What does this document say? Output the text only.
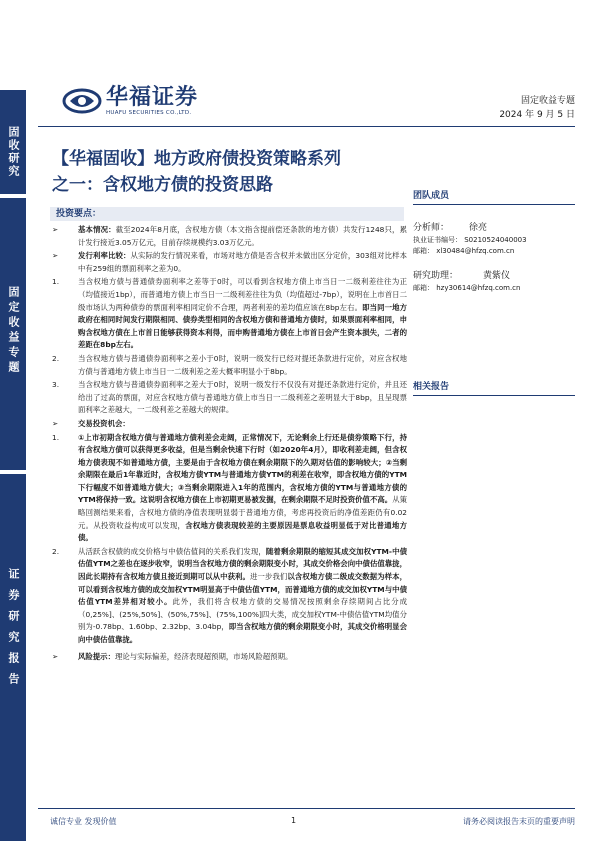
固收研究
固定收益专题
证券研究报告
华福证券
HUAFU SECURITIES CO.,LTD.
固定收益专题
2024 年 9 月 5 日
【华福固收】地方政府债投资策略系列
之一：含权地方债的投资思路
投资要点：
➢	基本情况：截至2024年8月底，含权地方债（本文指含提前偿还条款的地方债）共发行1248只，累计发行接近3.05万亿元，目前存续规模约3.03万亿元。
➢	发行利率比较：从实际的发行情况来看，市场对地方债是否含权并未做出区分定价，303组对比样本中有259组的票面利率之差为0。
1.	当含权地方债与普通债券面利率之差等于0时，可以看到含权地方债上市当日一二级利差往往为正（均值接近1bp），而普通地方债上市当日一二级利差往往为负（均值超过-7bp），说明在上市首日二级市场认为两种债券的票面利率相同定价不合理，两者利差的差均值应该在8bp左右。即当同一地方政府在相同时间发行期限相同、债券类型相同的含权地方债和普通地方债时，如果票面利率相同，申购含权地方债在上市首日能够获得资本利得，而申购普通地方债在上市首日会产生资本损失，二者的差距在8bp左右。
2.	当含权地方债与普通债券面利率之差小于0时，说明一级发行已经对提还条款进行定价，对应含权地方债与普通地方债上市当日一二级利差之差大概率明显小于8bp。
3.	当含权地方债与普通债券面利率之差大于0时，说明一级发行不仅没有对提还条款进行定价，并且还给出了过高的票面，对应含权地方债与普通地方债上市当日一二级利差之差明显大于8bp，且呈现票面利率之差越大，一二级利差之差越大的规律。
➢	交易投资机会：
1.	①上市初期含权地方债与普通地方债利差会走阔，正常情况下，无论剩余上行还是债券策略下行，持有含权地方债可以获得更多收益，但是当剩余快速下行时（如2020年4月），即收利差走阔，但含权地方债表现不如普通地方债，主要是由于含权地方债在剩余期限下的久期对估值的影响较大；②当剩余期限在最后1年靠近时，含权地方债YTM与普通地方债YTM的利差在收窄，即含权地方债的YTM下行幅度不如普通地方债大；③当剩余期限进入1年的范围内，含权地方债的YTM与普通地方债的YTM将保持一致。这说明含权地方债在上市初期更易被发掘，在剩余期限不足时投资价值不高。从策略回测结果来看，含权地方债的净值表现明显弱于普通地方债，考虑再投资后的净值差距仍有0.02元。从投资收益构成可以发现，含权地方债表现较差的主要原因是票息收益明显低于对比普通地方债。
2.	从活跃含权债的成交价格与中债估值间的关系我们发现，随着剩余期限的缩短其成交加权YTM-中债估值YTM之差也在逐步收窄，说明当含权地方债的剩余期限变小时，其成交价格会向中债估值靠拢，因此长期持有含权地方债且接近到期可以从中获利。进一步我们以含权地方债二级成交数据为样本，可以看到含权地方债的成交加权YTM明显高于中债估值YTM，而普通地方债的成交加权YTM与中债估值YTM差异相对较小。此外，我们将含权地方债的交易情况按照剩余存续期间占比分成（0,25%]、(25%,50%]、(50%,75%]、(75%,100%]四大类，成交加权YTM-中债估值YTM均值分别为-0.78bp、1.60bp、2.32bp、3.04bp，即当含权地方债的剩余期限变小时，其成交价格明显会向中债估值靠拢。
➢	风险提示：理论与实际偏差，经济表现超预期，市场风险超预期。
团队成员
分析师： 徐亮
执业证书编号： S0210524040003
邮箱： xl30484@hfzq.com.cn
研究助理：	黄紫仪
邮箱： hzy30614@hfzq.com.cn
相关报告
诚信专业 发现价值	1	请务必阅读报告末页的重要声明
